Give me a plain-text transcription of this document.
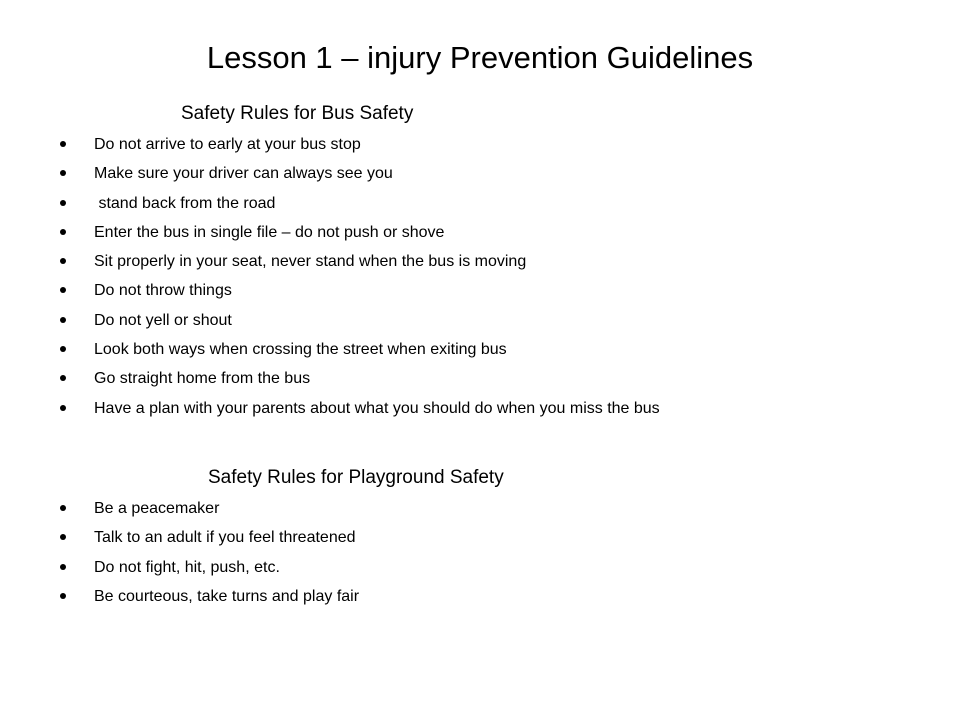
Lesson 1 – injury Prevention Guidelines
Safety Rules for Bus Safety
Do not arrive to early at your bus stop
Make sure your driver can always see you
stand back from the road
Enter the bus in single file – do not push or shove
Sit properly in your seat, never stand when the bus is moving
Do not throw things
Do not yell or shout
Look both ways when crossing the street when exiting bus
Go straight home from the bus
Have a plan with your parents about what you should do when you miss the bus
Safety Rules for Playground Safety
Be a peacemaker
Talk to an adult if you feel threatened
Do not fight, hit, push, etc.
Be courteous, take turns and play fair
